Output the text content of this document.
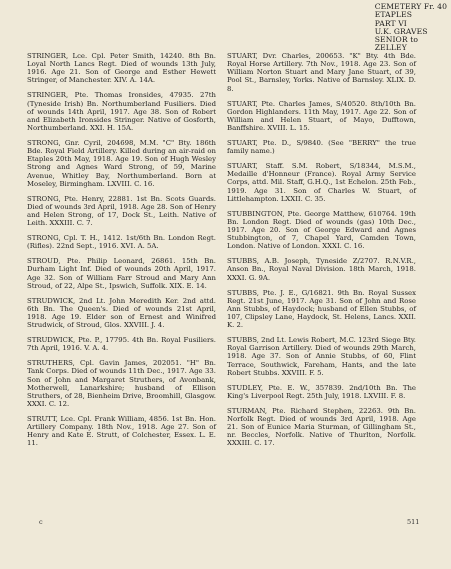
CEMETERY Fr. 40
ETAPLES
PART VI
U.K. GRAVES
SENIOR to
ZELLEY

STRINGER, Lce. Cpl. Peter Smith, 14240. 8th Bn. Loyal North Lancs Regt. Died of wounds 13th July, 1916. Age 21. Son of George and Esther Hewett Stringer, of Manchester. XIV. A. 14A.

STRINGER, Pte. Thomas Ironsides, 47935. 27th (Tyneside Irish) Bn. Northumberland Fusiliers. Died of wounds 14th April, 1917. Age 38. Son of Robert and Elizabeth Ironsides Stringer. Native of Gosforth, Northumberland. XXI. H. 15A.

STRONG, Gnr. Cyril, 204698, M.M. "C" Bty. 186th Bde. Royal Field Artillery. Killed during an air-raid on Etaples 20th May, 1918. Age 19. Son of Hugh Wesley Strong and Agnes Ward Strong, of 59, Marine Avenue, Whitley Bay, Northumberland. Born at Moseley, Birmingham. LXVIII. C. 16.

STRONG, Pte. Henry, 22881. 1st Bn. Scots Guards. Died of wounds 3rd April, 1918. Age 28. Son of Henry and Helen Strong, of 17, Dock St., Leith. Native of Leith. XXXIII. C. 7.

STRONG, Cpl. T. H., 1412. 1st/6th Bn. London Regt. (Rifles). 22nd Sept., 1916. XVI. A. 5A.

STROUD, Pte. Philip Leonard, 26861. 15th Bn. Durham Light Inf. Died of wounds 20th April, 1917. Age 32. Son of William Farr Stroud and Mary Ann Stroud, of 22, Alpe St., Ipswich, Suffolk. XIX. E. 14.

STRUDWICK, 2nd Lt. John Meredith Ker. 2nd attd. 6th Bn. The Queen's. Died of wounds 21st April, 1918. Age 19. Elder son of Ernest and Winifred Strudwick, of Stroud, Glos. XXVIII. J. 4.

STRUDWICK, Pte. P., 17795. 4th Bn. Royal Fusiliers. 7th April, 1916. V. A. 4.

STRUTHERS, Cpl. Gavin James, 202051. "H" Bn. Tank Corps. Died of wounds 11th Dec., 1917. Age 33. Son of John and Margaret Struthers, of Avonbank, Motherwell, Lanarkshire; husband of Ellison Struthers, of 28, Bienheim Drive, Broomhill, Glasgow. XXXI. C. 12.

STRUTT, Lce. Cpl. Frank William, 4856. 1st Bn. Hon. Artillery Company. 18th Nov., 1918. Age 27. Son of Henry and Kate E. Strutt, of Colchester, Essex. L. E. 11.

STUART, Dvr. Charles, 200653. "K" Bty. 4th Bde. Royal Horse Artillery. 7th Nov., 1918. Age 23. Son of William Norton Stuart and Mary Jane Stuart, of 39, Pool St., Barnsley, Yorks. Native of Barnsley. XLIX. D. 8.

STUART, Pte. Charles James, S/40520. 8th/10th Bn. Gordon Highlanders. 11th May, 1917. Age 22. Son of William and Helen Stuart, of Mayo, Dufftown, Banffshire. XVIII. L. 15.

STUART, Pte. D., S/9840. (See "BERRY" the true family name.)

STUART, Staff. S.M. Robert, S/18344, M.S.M., Medaille d'Honneur (France). Royal Army Service Corps, attd. Mil. Staff, G.H.Q., 1st Echelon. 25th Feb., 1919. Age 31. Son of Charles W. Stuart, of Littlehampton. LXXII. C. 35.

STUBBINGTON, Pte. George Matthew, 610764. 19th Bn. London Regt. Died of wounds (gas) 10th Dec., 1917. Age 20. Son of George Edward and Agnes Stubbington, of 7, Chapel Yard, Camden Town, London. Native of London. XXXI. C. 16.

STUBBS, A.B. Joseph, Tyneside Z/2707. R.N.V.R., Anson Bn., Royal Naval Division. 18th March, 1918. XXXI. G. 9A.

STUBBS, Pte. J. E., G/16821. 9th Bn. Royal Sussex Regt. 21st June, 1917. Age 31. Son of John and Rose Ann Stubbs, of Haydock; husband of Ellen Stubbs, of 107, Clipsley Lane, Haydock, St. Helens, Lancs. XXII. K. 2.

STUBBS, 2nd Lt. Lewis Robert, M.C. 123rd Siege Bty. Royal Garrison Artillery. Died of wounds 29th March, 1918. Age 37. Son of Annie Stubbs, of 60, Flint Terrace, Southwick, Fareham, Hants, and the late Robert Stubbs. XXVIII. F. 5.

STUDLEY, Pte. E. W., 357839. 2nd/10th Bn. The King's Liverpool Regt. 25th July, 1918. LXVIII. F. 8.

STURMAN, Pte. Richard Stephen, 22263. 9th Bn. Norfolk Regt. Died of wounds 3rd April, 1918. Age 21. Son of Eunice Maria Sturman, of Gillingham St., nr. Beccles, Norfolk. Native of Thurlton, Norfolk. XXXIII. C. 17.

c	511
